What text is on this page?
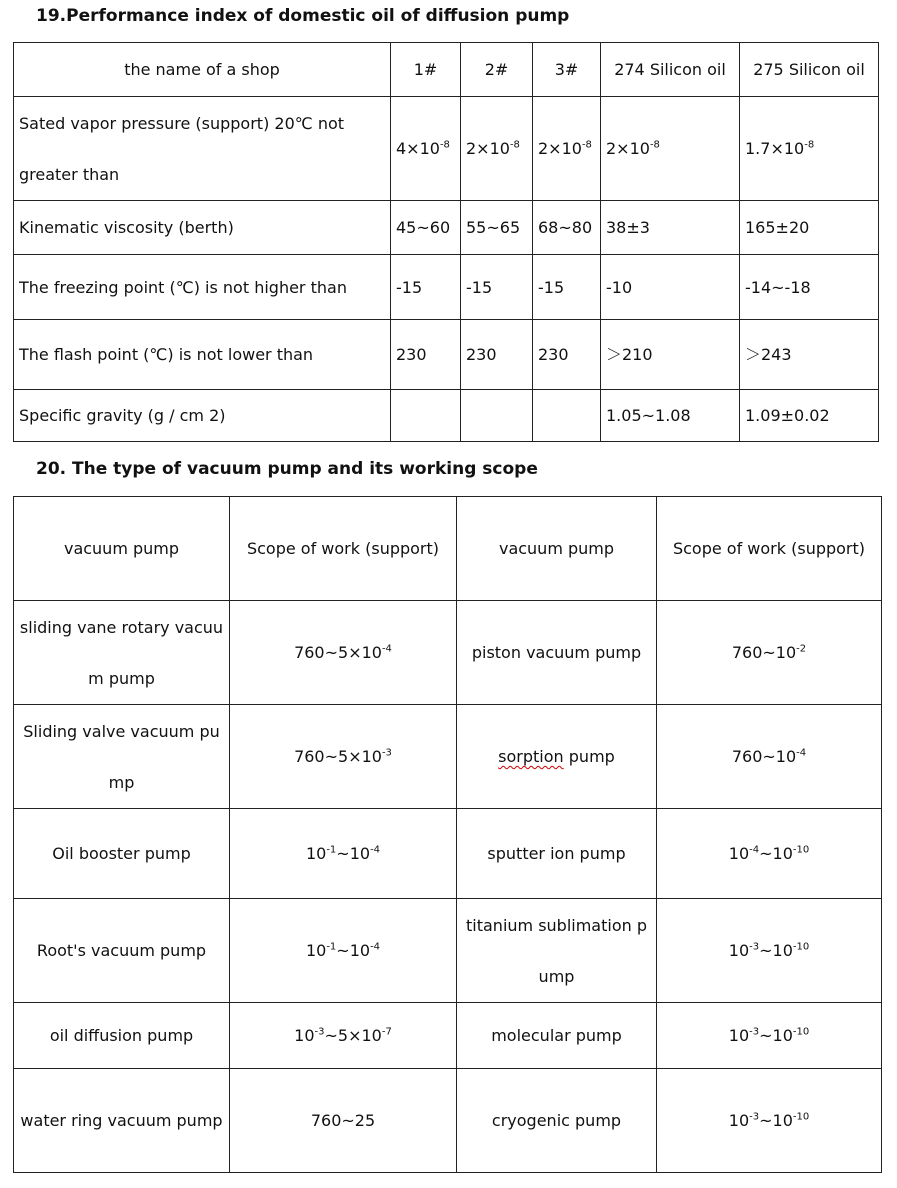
19.Performance index of domestic oil of diffusion pump
the name of a shop	1#	2#	3#	274 Silicon oil	275 Silicon oil
Sated vapor pressure (support) 20℃ not greater than	$4\times 10^{-8}$	$2\times 10^{-8}$	$2\times 10^{-8}$	$2\times 10^{-8}$	$1.7\times 10^{-8}$
Kinematic viscosity (berth)	45~60	55~65	68~80	38±3	165±20
The freezing point (℃) is not higher than	-15	-15	-15	-10	-14~-18
The flash point (℃) is not lower than	230	230	230	＞210	＞243
Specific gravity (g / cm 2)				1.05~1.08	1.09±0.02
20. The type of vacuum pump and its working scope
vacuum pump	Scope of work (support)	vacuum pump	Scope of work (support)
sliding vane rotary vacuum pump	$760\sim 5\times 10^{-4}$	piston vacuum pump	$760\sim 10^{-2}$
Sliding valve vacuum pump	$760\sim 5\times 10^{-3}$	sorption pump	$760\sim 10^{-4}$
Oil booster pump	$10^{-1}\sim 10^{-4}$	sputter ion pump	$10^{-4}\sim 10^{-10}$
Root's vacuum pump	$10^{-1}\sim 10^{-4}$	titanium sublimation pump	$10^{-3}\sim 10^{-10}$
oil diffusion pump	$10^{-3}\sim 5\times 10^{-7}$	molecular pump	$10^{-3}\sim 10^{-10}$
water ring vacuum pump	760~25	cryogenic pump	$10^{-3}\sim 10^{-10}$
